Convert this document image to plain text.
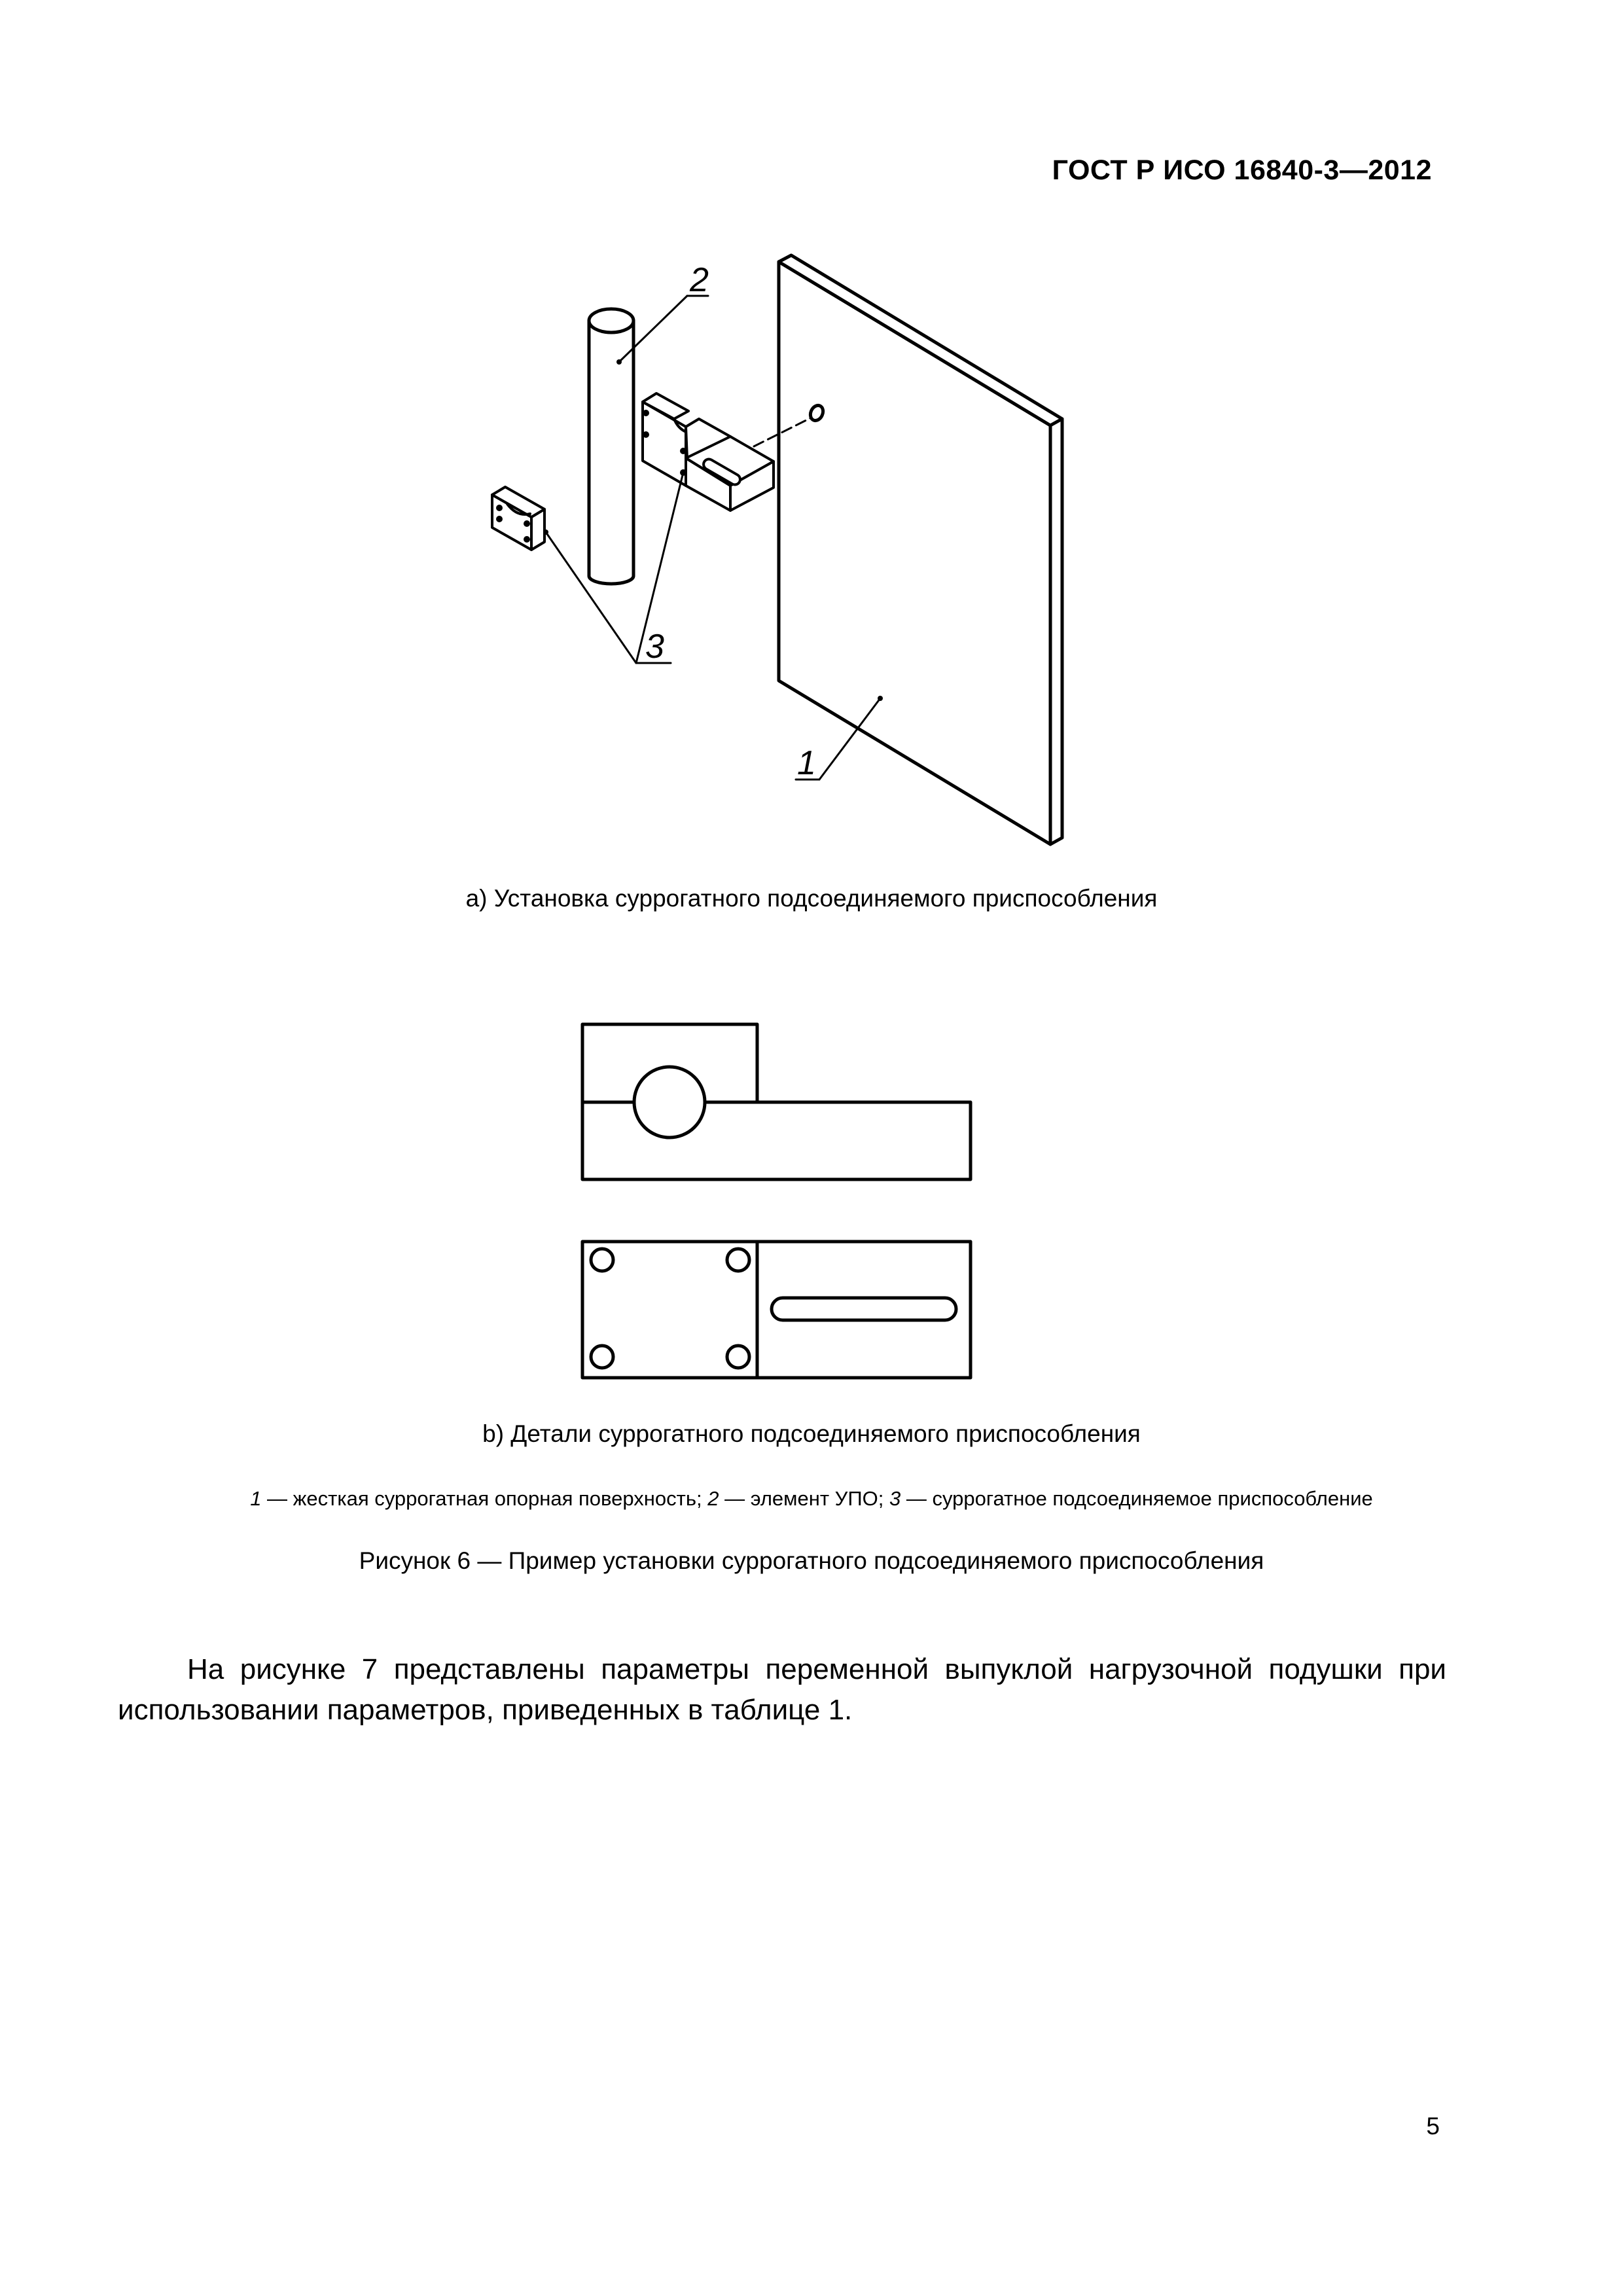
ГОСТ Р ИСО 16840-3—2012
2
3
1
a) Установка суррогатного подсоединяемого приспособления
b) Детали суррогатного подсоединяемого приспособления
1 — жесткая суррогатная опорная поверхность; 2 — элемент УПО; 3 — суррогатное подсоединяемое приспособление
Рисунок 6 — Пример установки суррогатного подсоединяемого приспособления

На рисунке 7 представлены параметры переменной выпуклой нагрузочной подушки при использовании параметров, приведенных в таблице 1.

5
